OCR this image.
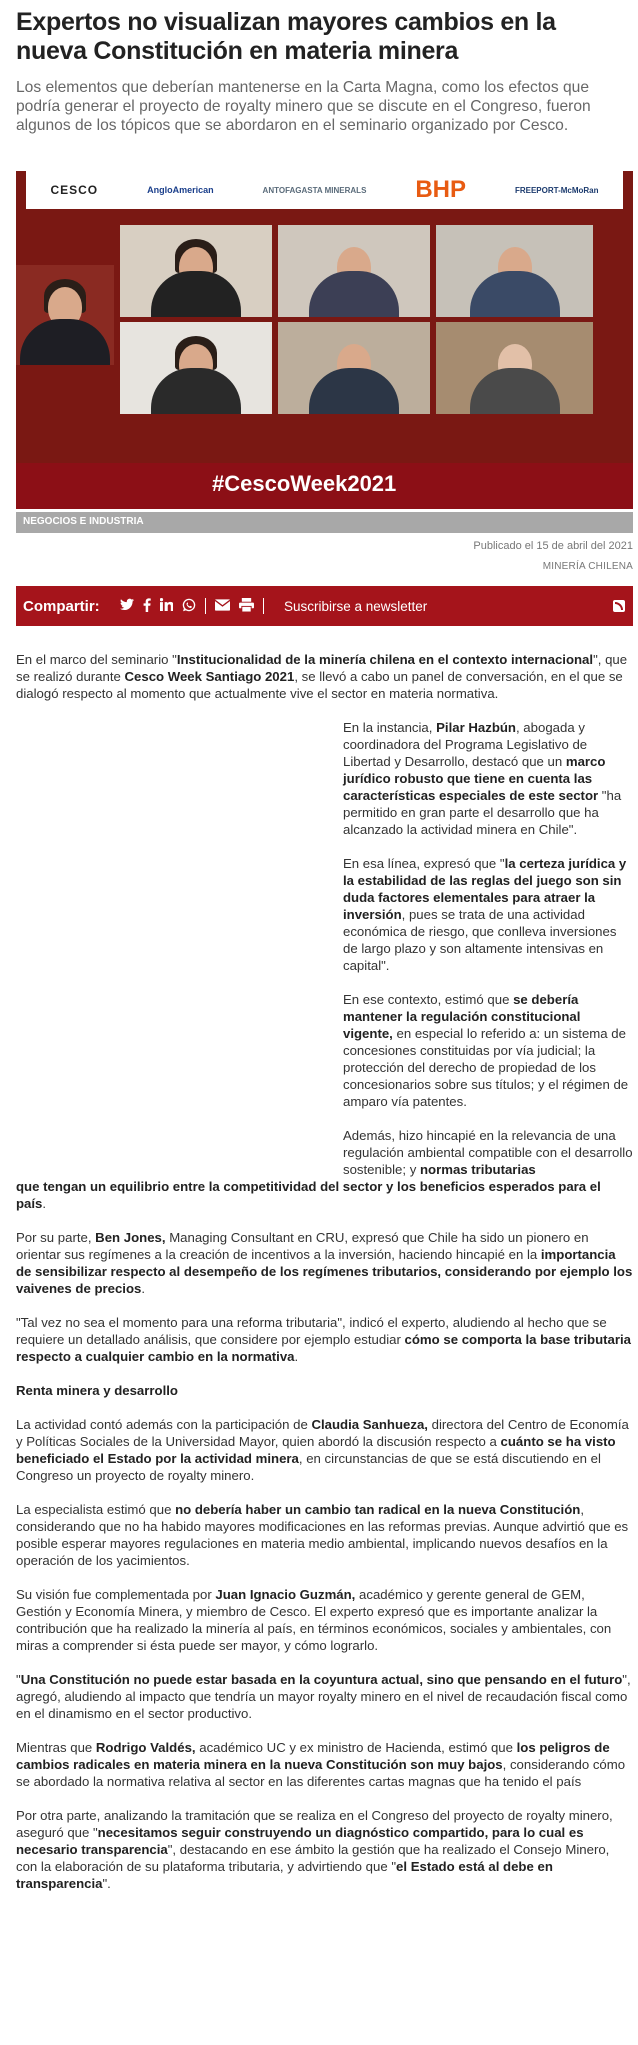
Expertos no visualizan mayores cambios en la nueva Constitución en materia minera

Los elementos que deberían mantenerse en la Carta Magna, como los efectos que podría generar el proyecto de royalty minero que se discute en el Congreso, fueron algunos de los tópicos que se abordaron en el seminario organizado por Cesco.

CESCO	AngloAmerican	ANTOFAGASTA MINERALS BHP	FREEPORT-McMoRan
#CescoWeek2021
NEGOCIOS E INDUSTRIA
Publicado el 15 de abril del 2021
MINERÍA CHILENA
Compartir:	Suscribirse a newsletter

En el marco del seminario "Institucionalidad de la minería chilena en el contexto internacional", que se realizó durante Cesco Week Santiago 2021, se llevó a cabo un panel de conversación, en el que se dialogó respecto al momento que actualmente vive el sector en materia normativa.

En la instancia, Pilar Hazbún, abogada y coordinadora del Programa Legislativo de Libertad y Desarrollo, destacó que un marco jurídico robusto que tiene en cuenta las características especiales de este sector "ha permitido en gran parte el desarrollo que ha alcanzado la actividad minera en Chile".

En esa línea, expresó que "la certeza jurídica y la estabilidad de las reglas del juego son sin duda factores elementales para atraer la inversión, pues se trata de una actividad económica de riesgo, que conlleva inversiones de largo plazo y son altamente intensivas en capital".

En ese contexto, estimó que se debería mantener la regulación constitucional vigente, en especial lo referido a: un sistema de concesiones constituidas por vía judicial; la protección del derecho de propiedad de los concesionarios sobre sus títulos; y el régimen de amparo vía patentes.

Además, hizo hincapié en la relevancia de una regulación ambiental compatible con el desarrollo sostenible; y normas tributarias

que tengan un equilibrio entre la competitividad del sector y los beneficios esperados para el país.

Por su parte, Ben Jones, Managing Consultant en CRU, expresó que Chile ha sido un pionero en orientar sus regímenes a la creación de incentivos a la inversión, haciendo hincapié en la importancia de sensibilizar respecto al desempeño de los regímenes tributarios, considerando por ejemplo los vaivenes de precios.

"Tal vez no sea el momento para una reforma tributaria", indicó el experto, aludiendo al hecho que se requiere un detallado análisis, que considere por ejemplo estudiar cómo se comporta la base tributaria respecto a cualquier cambio en la normativa.

Renta minera y desarrollo

La actividad contó además con la participación de Claudia Sanhueza, directora del Centro de Economía y Políticas Sociales de la Universidad Mayor, quien abordó la discusión respecto a cuánto se ha visto beneficiado el Estado por la actividad minera, en circunstancias de que se está discutiendo en el Congreso un proyecto de royalty minero.

La especialista estimó que no debería haber un cambio tan radical en la nueva Constitución, considerando que no ha habido mayores modificaciones en las reformas previas. Aunque advirtió que es posible esperar mayores regulaciones en materia medio ambiental, implicando nuevos desafíos en la operación de los yacimientos.

Su visión fue complementada por Juan Ignacio Guzmán, académico y gerente general de GEM, Gestión y Economía Minera, y miembro de Cesco. El experto expresó que es importante analizar la contribución que ha realizado la minería al país, en términos económicos, sociales y ambientales, con miras a comprender si ésta puede ser mayor, y cómo lograrlo.

"Una Constitución no puede estar basada en la coyuntura actual, sino que pensando en el futuro", agregó, aludiendo al impacto que tendría un mayor royalty minero en el nivel de recaudación fiscal como en el dinamismo en el sector productivo.

Mientras que Rodrigo Valdés, académico UC y ex ministro de Hacienda, estimó que los peligros de cambios radicales en materia minera en la nueva Constitución son muy bajos, considerando cómo se abordado la normativa relativa al sector en las diferentes cartas magnas que ha tenido el país

Por otra parte, analizando la tramitación que se realiza en el Congreso del proyecto de royalty minero, aseguró que "necesitamos seguir construyendo un diagnóstico compartido, para lo cual es necesario transparencia", destacando en ese ámbito la gestión que ha realizado el Consejo Minero, con la elaboración de su plataforma tributaria, y advirtiendo que "el Estado está al debe en transparencia".
